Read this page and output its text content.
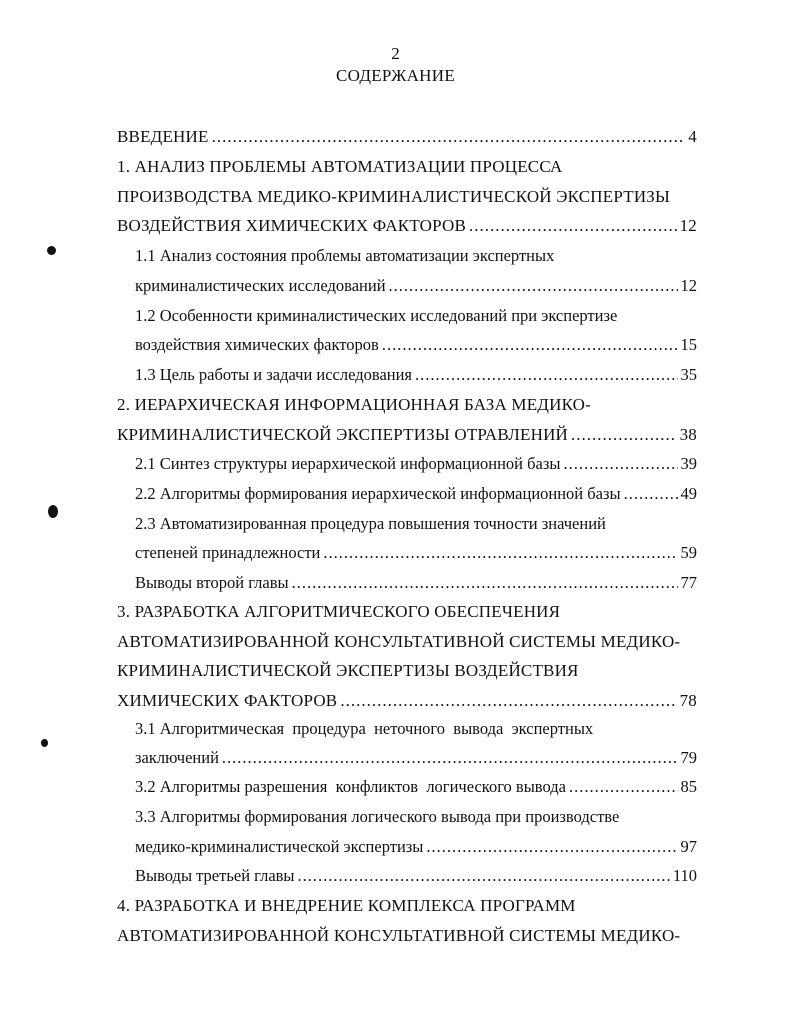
2
СОДЕРЖАНИЕ
ВВЕДЕНИЕ .....	4
1. АНАЛИЗ ПРОБЛЕМЫ АВТОМАТИЗАЦИИ ПРОЦЕССА
ПРОИЗВОДСТВА МЕДИКО-КРИМИНАЛИСТИЧЕСКОЙ ЭКСПЕРТИЗЫ
ВОЗДЕЙСТВИЯ ХИМИЧЕСКИХ ФАКТОРОВ .....	12
1.1 Анализ состояния проблемы автоматизации экспертных
криминалистических исследований .....	12
1.2 Особенности криминалистических исследований при экспертизе
воздействия химических факторов .....	15
1.3 Цель работы и задачи исследования .....	35
2. ИЕРАРХИЧЕСКАЯ ИНФОРМАЦИОННАЯ БАЗА МЕДИКО-
КРИМИНАЛИСТИЧЕСКОЙ ЭКСПЕРТИЗЫ ОТРАВЛЕНИЙ .....	38
2.1 Синтез структуры иерархической информационной базы .....	39
2.2 Алгоритмы формирования иерархической информационной базы .....	49
2.3 Автоматизированная процедура повышения точности значений
степеней принадлежности .....	59
Выводы второй главы .....	77
3. РАЗРАБОТКА АЛГОРИТМИЧЕСКОГО ОБЕСПЕЧЕНИЯ
АВТОМАТИЗИРОВАННОЙ КОНСУЛЬТАТИВНОЙ СИСТЕМЫ МЕДИКО-
КРИМИНАЛИСТИЧЕСКОЙ ЭКСПЕРТИЗЫ ВОЗДЕЙСТВИЯ
ХИМИЧЕСКИХ ФАКТОРОВ .....	78
3.1 Алгоритмическая  процедура  неточного  вывода  экспертных
заключений .....	79
3.2 Алгоритмы разрешения  конфликтов  логического вывода .....	85
3.3 Алгоритмы формирования логического вывода при производстве
медико-криминалистической экспертизы .....	97
Выводы третьей главы .....	110
4. РАЗРАБОТКА И ВНЕДРЕНИЕ КОМПЛЕКСА ПРОГРАММ
АВТОМАТИЗИРОВАННОЙ КОНСУЛЬТАТИВНОЙ СИСТЕМЫ МЕДИКО-
